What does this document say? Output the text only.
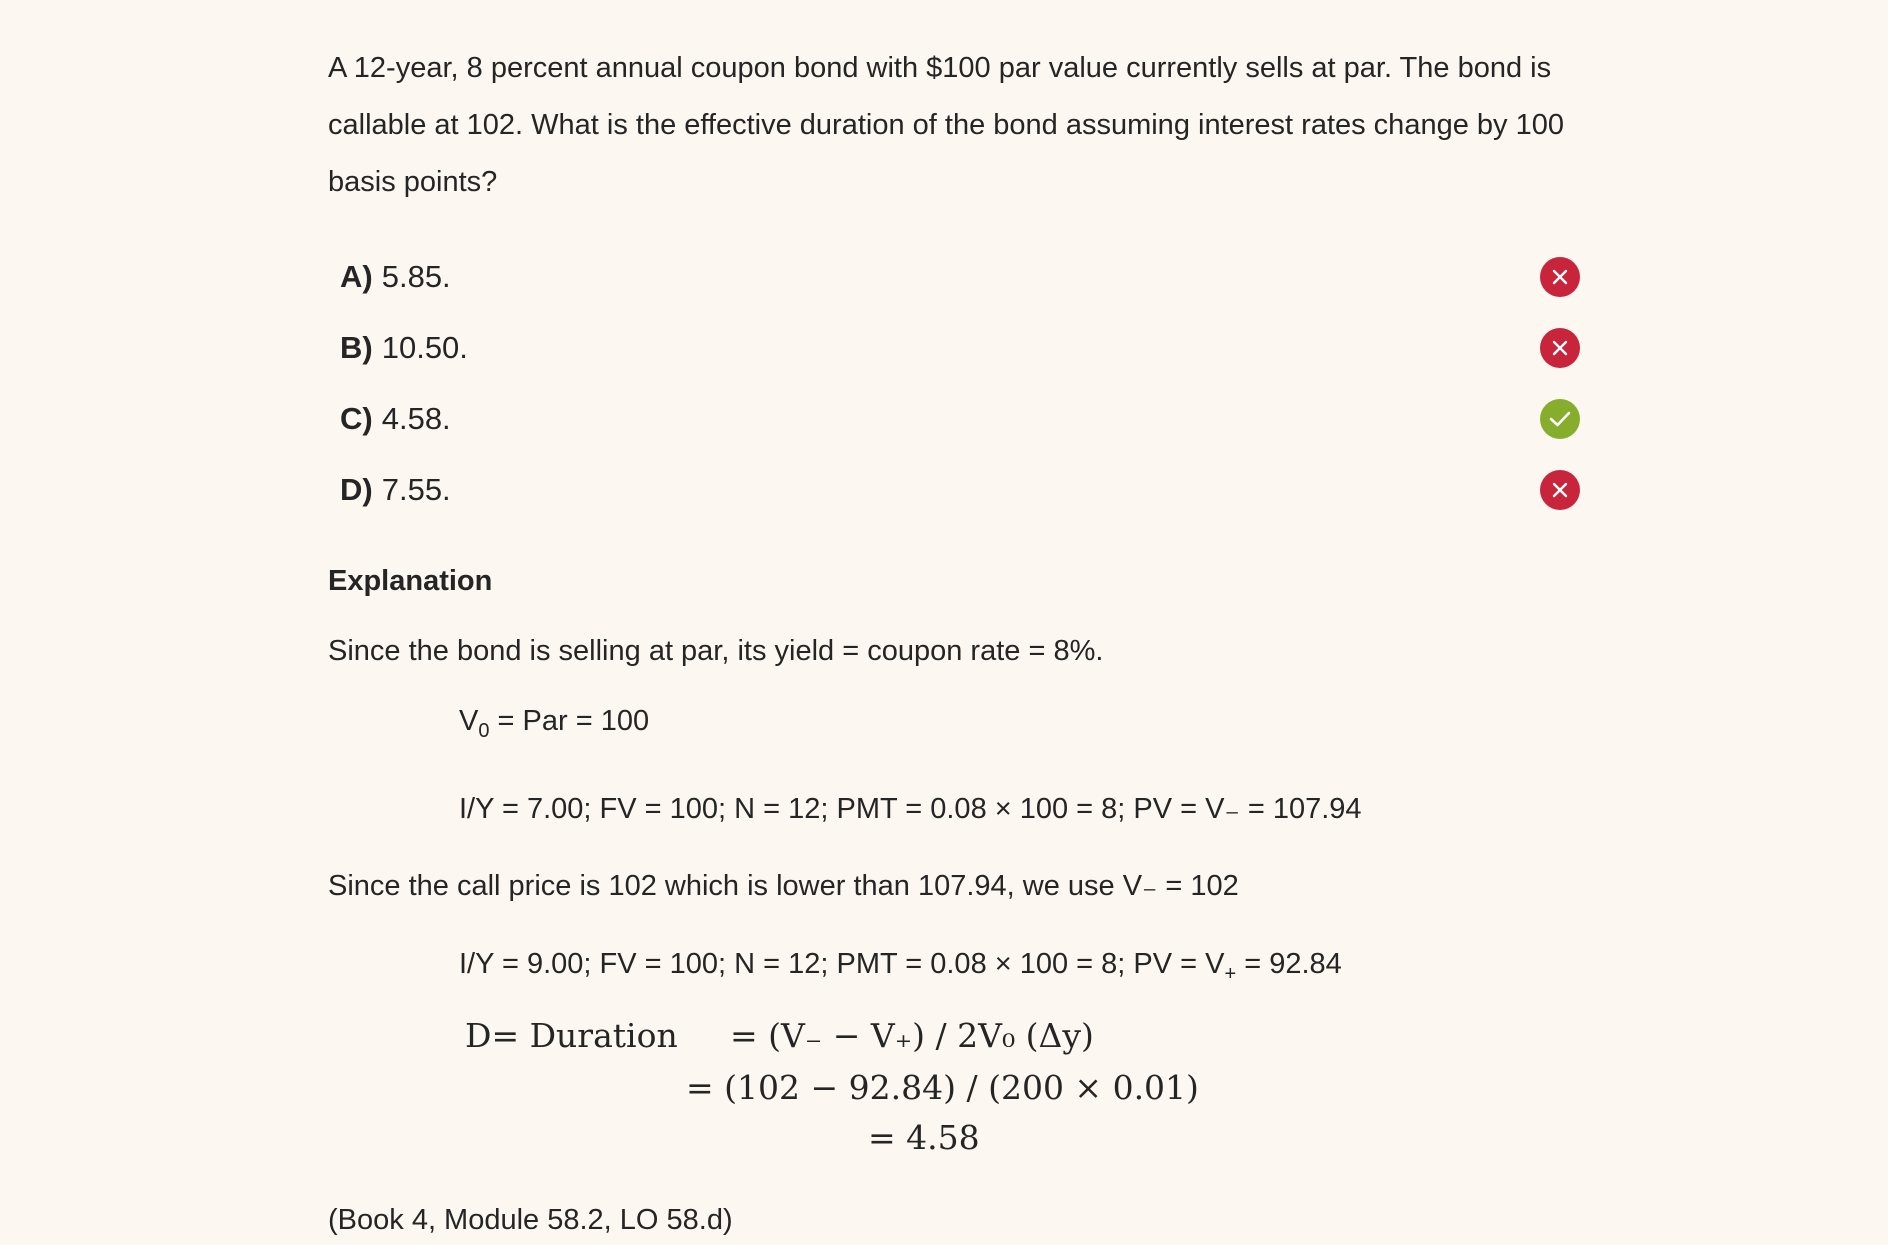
A 12-year, 8 percent annual coupon bond with $100 par value currently sells at par. The bond is callable at 102. What is the effective duration of the bond assuming interest rates change by 100 basis points?

A) 5.85.
B) 10.50.
C) 4.58.
D) 7.55.
Explanation

Since the bond is selling at par, its yield = coupon rate = 8%.

$V_0$ = Par = 100
I/Y = 7.00; FV = 100; N = 12; PMT = 0.08 × 100 = 8; PV = V₋ = 107.94

Since the call price is 102 which is lower than 107.94, we use V₋ = 102

I/Y = 9.00; FV = 100; N = 12; PMT = 0.08 × 100 = 8; PV = $V_+ = 92.84$
D= Duration = (V₋ − V₊) / 2V₀ (Δy)
= (102 − 92.84) / (200 × 0.01)
= 4.58
(Book 4, Module 58.2, LO 58.d)
